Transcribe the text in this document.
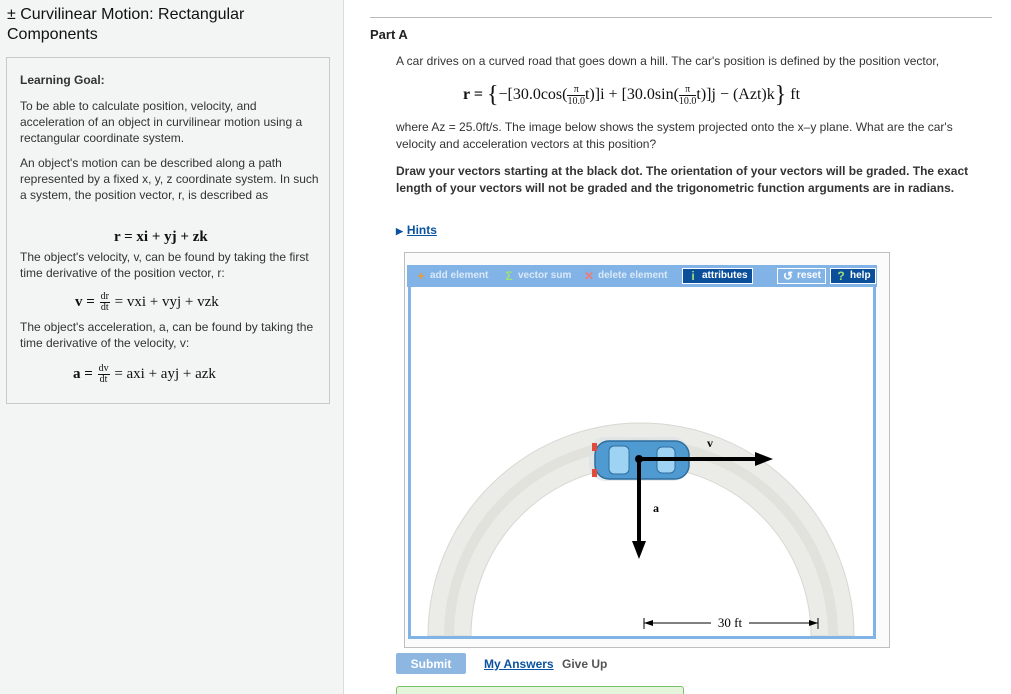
± Curvilinear Motion: Rectangular Components
Learning Goal:
To be able to calculate position, velocity, and acceleration of an object in curvilinear motion using a rectangular coordinate system.
An object's motion can be described along a path represented by a fixed x, y, z coordinate system. In such a system, the position vector, r, is described as
r = xi + yj + zk
The object's velocity, v, can be found by taking the first time derivative of the position vector, r:
$v = \frac{dr}{dt}$ = vxi + vyj + vzk
The object's acceleration, a, can be found by taking the time derivative of the velocity, v:
$a = \frac{dv}{dt}$ = axi + ayj + azk
Part A
A car drives on a curved road that goes down a hill. The car's position is defined by the position vector,
$r = \{-[30.0\cos( \frac{\pi}{10.0} t)]i + [30.0\sin( \frac{\pi}{10.0} t)]j - (Azt)k\}$ ft
where Az = 25.0ft/s. The image below shows the system projected onto the x–y plane. What are the car's velocity and acceleration vectors at this position?
Draw your vectors starting at the black dot. The orientation of your vectors will be graded. The exact length of your vectors will not be graded and the trigonometric function arguments are in radians.
▶ Hints
+ add element Σ vector sum ✕ delete element	i attributes	↺ reset	? help
v
a
30 ft
Submit	My Answers Give Up
